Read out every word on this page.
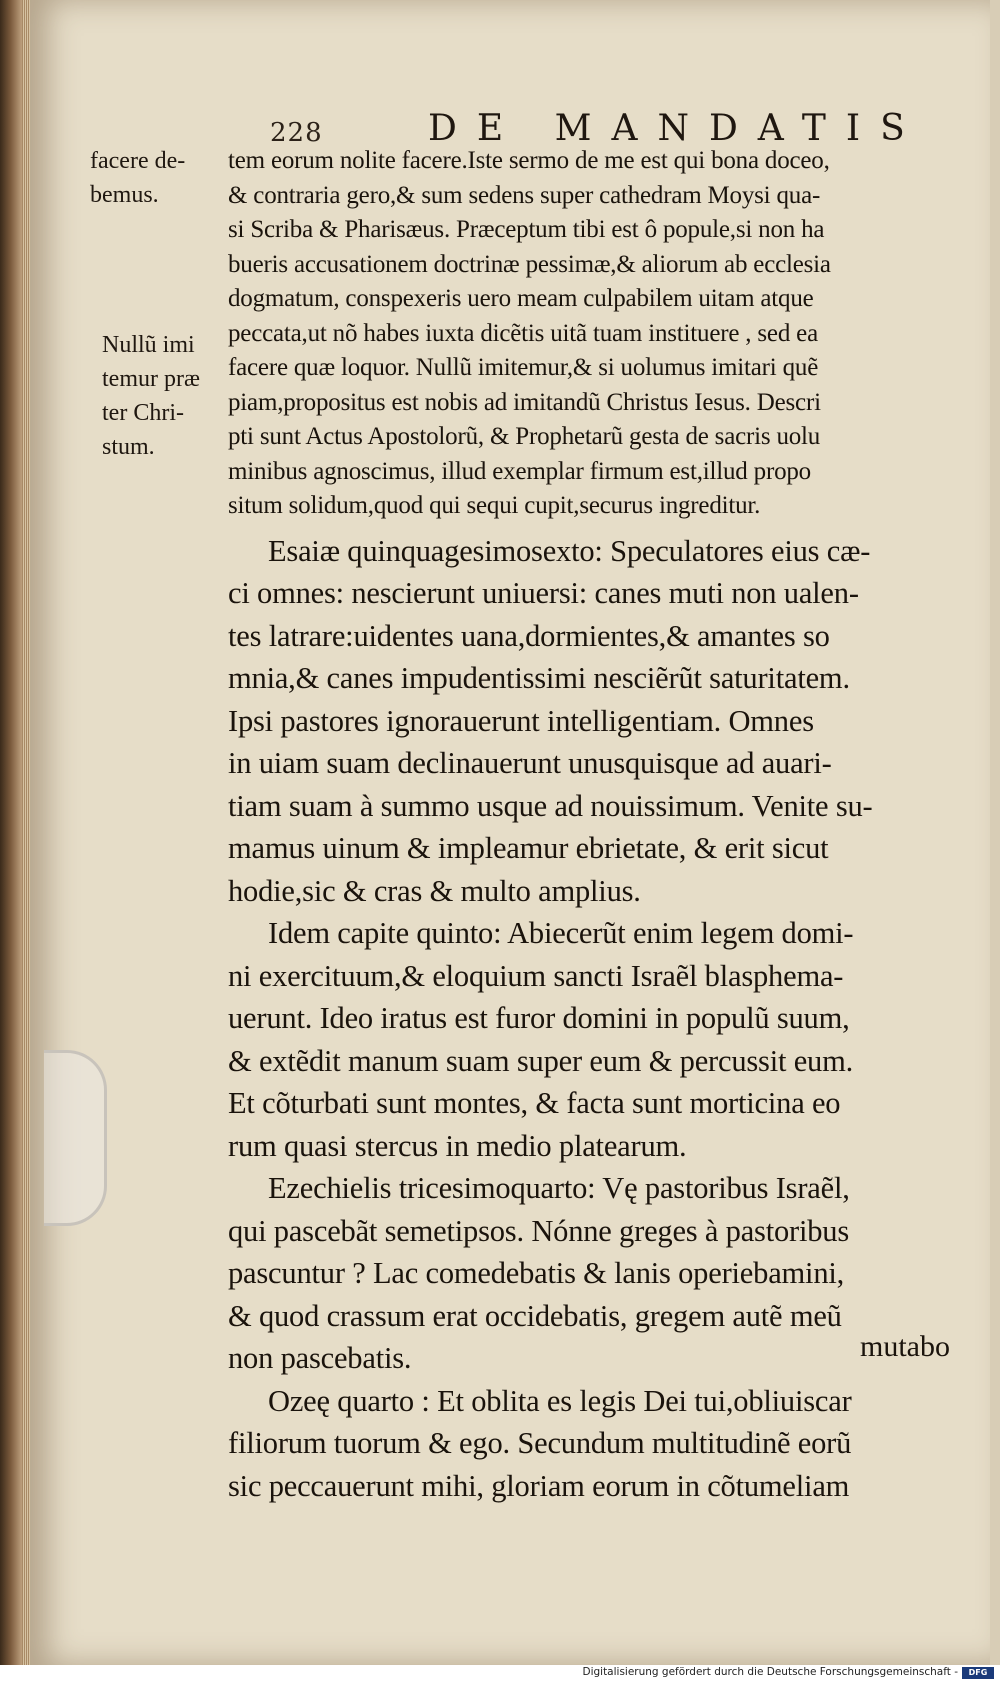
228	DE MANDATIS
facere de-
bemus.
Nullũ imi
temur præ
ter Chri-
stum.
tem eorum nolite facere.Iste sermo de me est qui bona doceo,
& contraria gero,& sum sedens super cathedram Moysi qua-
si Scriba & Pharisæus. Præceptum tibi est ô popule,si non ha
bueris accusationem doctrinæ pessimæ,& aliorum ab ecclesia
dogmatum, conspexeris uero meam culpabilem uitam atque
peccata,ut nõ habes iuxta dicẽtis uitã tuam instituere , sed ea
facere quæ loquor. Nullũ imitemur,& si uolumus imitari quẽ
piam,propositus est nobis ad imitandũ Christus Iesus. Descri
pti sunt Actus Apostolorũ, & Prophetarũ gesta de sacris uolu
minibus agnoscimus, illud exemplar firmum est,illud propo
situm solidum,quod qui sequi cupit,securus ingreditur.
Esaiæ quinquagesimosexto: Speculatores eius cæ-
ci omnes: nescierunt uniuersi: canes muti non ualen-
tes latrare:uidentes uana,dormientes,& amantes so
mnia,& canes impudentissimi nesciẽrũt saturitatem.
Ipsi pastores ignorauerunt intelligentiam. Omnes
in uiam suam declinauerunt unusquisque ad auari-
tiam suam à summo usque ad nouissimum. Venite su-
mamus uinum & impleamur ebrietate, & erit sicut
hodie,sic & cras & multo amplius.
Idem capite quinto: Abiecerũt enim legem domi-
ni exercituum,& eloquium sancti Israẽl blasphema-
uerunt. Ideo iratus est furor domini in populũ suum,
& extẽdit manum suam super eum & percussit eum.
Et cõturbati sunt montes, & facta sunt morticina eo
rum quasi stercus in medio platearum.
Ezechielis tricesimoquarto: Vę pastoribus Israẽl,
qui pascebãt semetipsos. Nónne greges à pastoribus
pascuntur ? Lac comedebatis & lanis operiebamini,
& quod crassum erat occidebatis, gregem autẽ meũ
non pascebatis.
Ozeę quarto : Et oblita es legis Dei tui,obliuiscar
filiorum tuorum & ego. Secundum multitudinẽ eorũ
sic peccauerunt mihi, gloriam eorum in cõtumeliam
mutabo
Digitalisierung gefördert durch die Deutsche Forschungsgemeinschaft -	DFG
